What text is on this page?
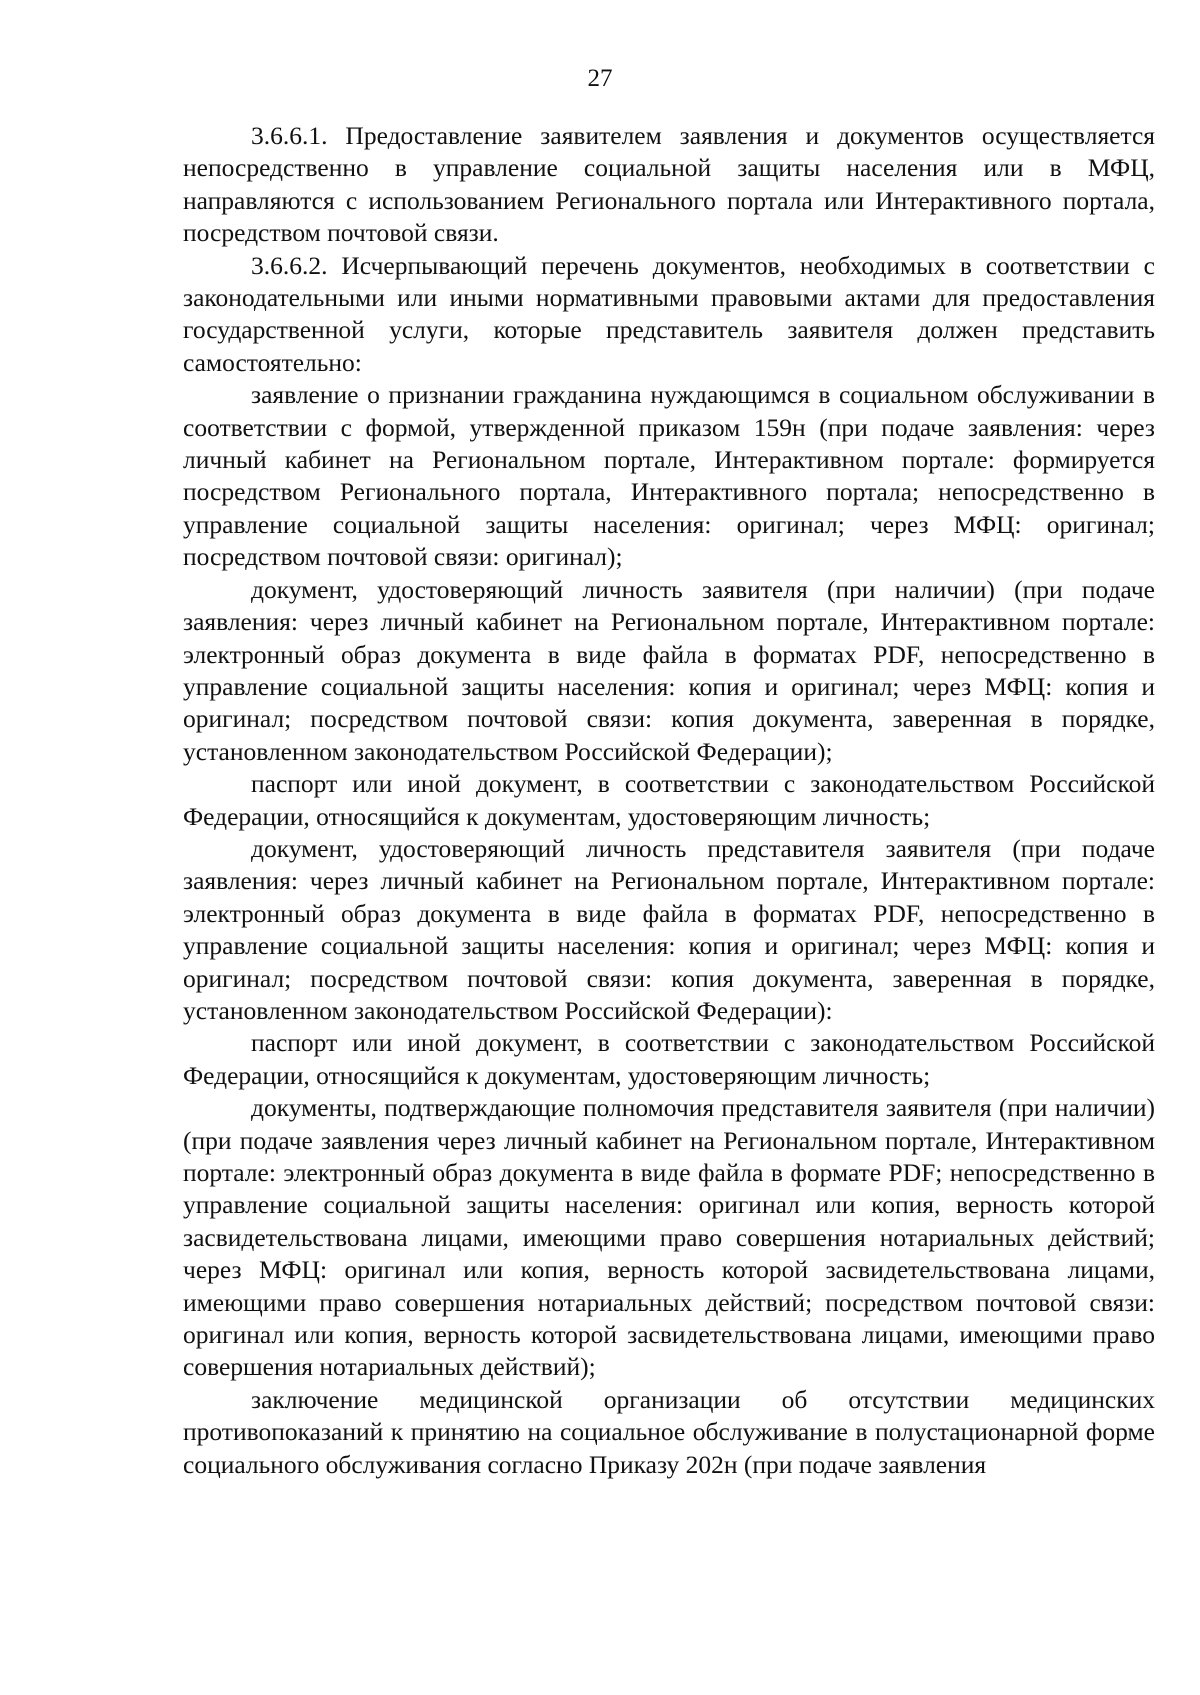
27

3.6.6.1. Предоставление заявителем заявления и документов осуществляется непосредственно в управление социальной защиты населения или в МФЦ, направляются с использованием Регионального портала или Интерактивного портала, посредством почтовой связи.

3.6.6.2. Исчерпывающий перечень документов, необходимых в соответствии с законодательными или иными нормативными правовыми актами для предоставления государственной услуги, которые представитель заявителя должен представить самостоятельно:

заявление о признании гражданина нуждающимся в социальном обслуживании в соответствии с формой, утвержденной приказом 159н (при подаче заявления: через личный кабинет на Региональном портале, Интерактивном портале: формируется посредством Регионального портала, Интерактивного портала; непосредственно в управление социальной защиты населения: оригинал; через МФЦ: оригинал; посредством почтовой связи: оригинал);

документ, удостоверяющий личность заявителя (при наличии) (при подаче заявления: через личный кабинет на Региональном портале, Интерактивном портале: электронный образ документа в виде файла в форматах PDF, непосредственно в управление социальной защиты населения: копия и оригинал; через МФЦ: копия и оригинал; посредством почтовой связи: копия документа, заверенная в порядке, установленном законодательством Российской Федерации);

паспорт или иной документ, в соответствии с законодательством Российской Федерации, относящийся к документам, удостоверяющим личность;

документ, удостоверяющий личность представителя заявителя (при подаче заявления: через личный кабинет на Региональном портале, Интерактивном портале: электронный образ документа в виде файла в форматах PDF, непосредственно в управление социальной защиты населения: копия и оригинал; через МФЦ: копия и оригинал; посредством почтовой связи: копия документа, заверенная в порядке, установленном законодательством Российской Федерации):

паспорт или иной документ, в соответствии с законодательством Российской Федерации, относящийся к документам, удостоверяющим личность;

документы, подтверждающие полномочия представителя заявителя (при наличии) (при подаче заявления через личный кабинет на Региональном портале, Интерактивном портале: электронный образ документа в виде файла в формате PDF; непосредственно в управление социальной защиты населения: оригинал или копия, верность которой засвидетельствована лицами, имеющими право совершения нотариальных действий; через МФЦ: оригинал или копия, верность которой засвидетельствована лицами, имеющими право совершения нотариальных действий; посредством почтовой связи: оригинал или копия, верность которой засвидетельствована лицами, имеющими право совершения нотариальных действий);

заключение медицинской организации об отсутствии медицинских противопоказаний к принятию на социальное обслуживание в полустационарной форме социального обслуживания согласно Приказу 202н (при подаче заявления
